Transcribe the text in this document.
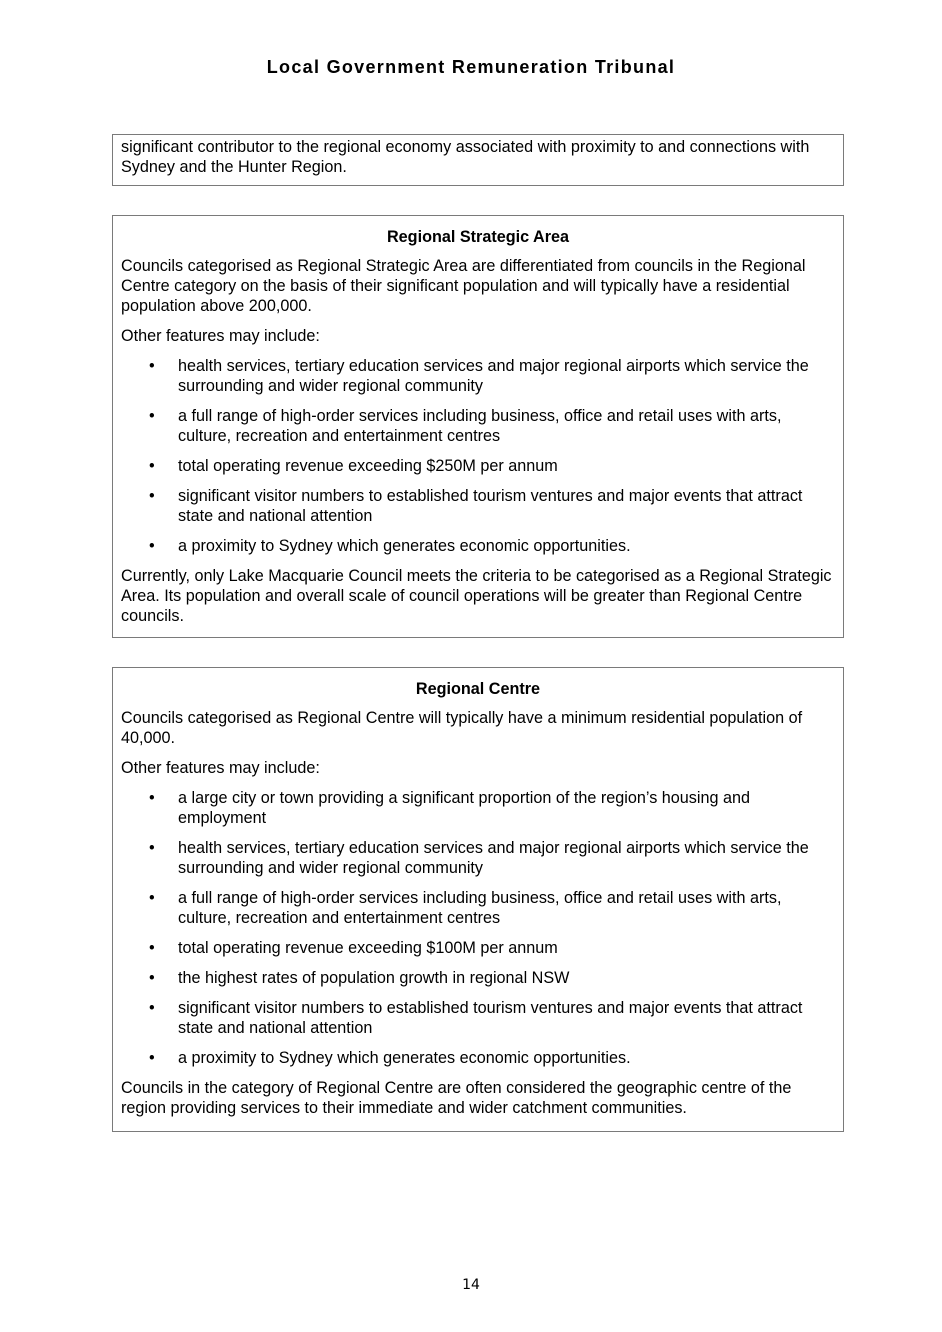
Local Government Remuneration Tribunal

significant contributor to the regional economy associated with proximity to and connections with Sydney and the Hunter Region.

Regional Strategic Area

Councils categorised as Regional Strategic Area are differentiated from councils in the Regional Centre category on the basis of their significant population and will typically have a residential population above 200,000.

Other features may include:

• health services, tertiary education services and major regional airports which service the surrounding and wider regional community
• a full range of high-order services including business, office and retail uses with arts, culture, recreation and entertainment centres
• total operating revenue exceeding $250M per annum
• significant visitor numbers to established tourism ventures and major events that attract state and national attention
• a proximity to Sydney which generates economic opportunities.

Currently, only Lake Macquarie Council meets the criteria to be categorised as a Regional Strategic Area. Its population and overall scale of council operations will be greater than Regional Centre councils.

Regional Centre

Councils categorised as Regional Centre will typically have a minimum residential population of 40,000.

Other features may include:

• a large city or town providing a significant proportion of the region’s housing and employment
• health services, tertiary education services and major regional airports which service the surrounding and wider regional community
• a full range of high-order services including business, office and retail uses with arts, culture, recreation and entertainment centres
• total operating revenue exceeding $100M per annum
• the highest rates of population growth in regional NSW
• significant visitor numbers to established tourism ventures and major events that attract state and national attention
• a proximity to Sydney which generates economic opportunities.

Councils in the category of Regional Centre are often considered the geographic centre of the region providing services to their immediate and wider catchment communities.

14
